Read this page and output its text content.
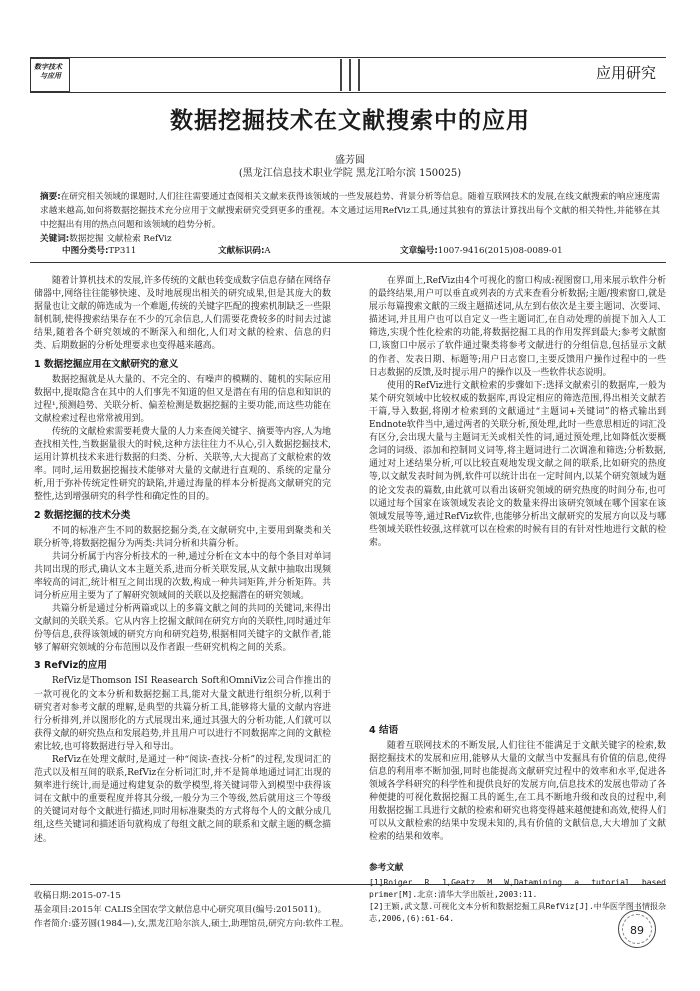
数字技术
与应用	应用研究
数据挖掘技术在文献搜索中的应用
盛芳圆
(黑龙江信息技术职业学院 黑龙江哈尔滨 150025)
摘要:在研究相关领域的课题时,人们往往需要通过查阅相关文献来获得该领域的一些发展趋势、背景分析等信息。随着互联网技术的发展,在线文献搜索的响应速度需求越来越高,如何将数据挖掘技术充分应用于文献搜索研究受到更多的重视。本文通过运用RefViz工具,通过其独有的算法计算找出每个文献的相关特性,并能够在其中挖掘出有用的热点问题和该领域的趋势分析。
关键词:数据挖掘 文献检索 RefViz
中图分类号:TP311	文献标识码:A	文章编号:1007-9416(2015)08-0089-01

随着计算机技术的发展,许多传统的文献也转变成数字信息存储在网络存储器中,网络往往能够快速、及时地展现出相关的研究成果,但是其庞大的数据量也让文献的筛选成为一个难题,传统的关键字匹配的搜索机制缺乏一些限制机制,使得搜索结果存在不少的冗余信息,人们需要花费较多的时间去过滤结果,随着各个研究领域的不断深入和细化,人们对文献的检索、信息的归类、后期数据的分析处理要求也变得越来越高。

1 数据挖掘应用在文献研究的意义

数据挖掘就是从大量的、不完全的、有噪声的模糊的、随机的实际应用数据中,提取隐含在其中的人们事先不知道的但又是潜在有用的信息和知识的过程¹,预测趋势、关联分析、偏差检测是数据挖掘的主要功能,而这些功能在文献检索过程也常常被用到。

传统的文献检索需要耗费大量的人力来查阅关键字、摘要等内容,人为地查找相关性,当数据量很大的时候,这种方法往往力不从心,引入数据挖掘技术,运用计算机技术来进行数据的归类、分析、关联等,大大提高了文献检索的效率。同时,运用数据挖掘技术能够对大量的文献进行直观的、系统的定量分析,用于弥补传统定性研究的缺陷,并通过海量的样本分析提高文献研究的完整性,达到增强研究的科学性和确定性的目的。

2 数据挖掘的技术分类

不同的标准产生不同的数据挖掘分类,在文献研究中,主要用到聚类和关联分析等,将数据挖掘分为两类:共词分析和共篇分析。

共词分析属于内容分析技术的一种,通过分析在文本中的每个条目对单词共同出现的形式,确认文本主题关系,进而分析关联发展,从文献中抽取出现频率较高的词汇,统计相互之间出现的次数,构成一种共词矩阵,并分析矩阵。共词分析应用主要为了了解研究领域间的关联以及挖掘潜在的研究领域。

共篇分析是通过分析两篇或以上的多篇文献之间的共同的关键词,来得出文献间的关联关系。它从内容上挖掘文献间在研究方向的关联性,同时通过年份等信息,获得该领域的研究方向和研究趋势,根据相同关键字的文献作者,能够了解研究领域的分布范围以及作者跟一些研究机构之间的关系。

3 RefViz的应用

RefViz是Thomson ISI Reasearch Soft和OmniViz公司合作推出的一款可视化的文本分析和数据挖掘工具,能对大量文献进行组织分析,以利于研究者对参考文献的理解,是典型的共篇分析工具,能够将大量的文献内容进行分析排列,并以图形化的方式展现出来,通过其强大的分析功能,人们就可以获得文献的研究热点和发展趋势,并且用户可以进行不同数据库之间的文献检索比较,也可将数据进行导入和导出。

RefViz在处理文献时,是通过一种“阅读-查找-分析”的过程,发现词汇的范式以及相互间的联系,RefViz在分析词汇时,并不是简单地通过词汇出现的频率进行统计,而是通过构建复杂的数学模型,将关键词带入到模型中获得该词在文献中的重要程度并将其分级,一般分为三个等级,然后就用这三个等级的关键词对每个文献进行描述,同时用标准聚类的方式将每个人的文献分成几组,这些关键词和描述语句就构成了每组文献之间的联系和文献主题的概念描述。

在界面上,RefViz由4个可视化的窗口构成:视图窗口,用来展示软件分析的最终结果,用户可以垂直或列表的方式来查看分析数据;主题/搜索窗口,就是展示每篇搜索文献的三级主题描述词,从左到右依次是主要主题词、次要词、描述词,并且用户也可以自定义一些主题词汇,在自动处理的前提下加入人工筛选,实现个性化检索的功能,将数据挖掘工具的作用发挥到最大;参考文献窗口,该窗口中展示了软件通过聚类将参考文献进行的分组信息,包括显示文献的作者、发表日期、标题等;用户日志窗口,主要反馈用户操作过程中的一些日志数据的反馈,及时提示用户的操作以及一些软件状态说明。

使用的RefViz进行文献检索的步骤如下:选择文献索引的数据库,一般为某个研究领域中比较权威的数据库,再设定相应的筛选范围,得出相关文献若干篇,导入数据,将刚才检索到的文献通过“主题词+关键词”的格式输出到Endnote软件当中,通过两者的关联分析,预处理,此时一些意思相近的词汇没有区分,会出现大量与主题词无关或相关性的词,通过预处理,比如降低次要概念词的词级、添加和控制同义词等,将主题词进行二次调准和筛选;分析数据,通过对上述结果分析,可以比较直观地发现文献之间的联系,比如研究的热度等,以文献发表时间为例,软件可以统计出在一定时间内,以某个研究领域为题的论文发表的篇数,由此就可以看出该研究领域的研究热度的时间分布,也可以通过每个国家在该领域发表论文的数量来得出该研究领域在哪个国家在该领域发展等等,通过RefViz软件,也能够分析出文献研究的发展方向以及与哪些领域关联性较强,这样就可以在检索的时候有目的有针对性地进行文献的检索。

4 结语

随着互联网技术的不断发展,人们往往不能满足于文献关键字的检索,数据挖掘技术的发展和应用,能够从大量的文献当中发掘具有价值的信息,使得信息的利用率不断加强,同时也能提高文献研究过程中的效率和水平,促进各领域各学科研究的科学性和提供良好的发展方向,信息技术的发展也带动了各种便捷的可视化数据挖掘工具的诞生,在工具不断地升级和改良的过程中,利用数据挖掘工具进行文献的检索和研究也将变得越来越便捷和高效,使得人们可以从文献检索的结果中发现未知的,具有价值的文献信息,大大增加了文献检索的结果和效率。

参考文献

[1]Roiger R J,Geatz M W,Datamining a tutorial based primer[M].北京:清华大学出版社,2003:11.

[2]王颖,武文慧.可视化文本分析和数据挖掘工具RefViz[J].中华医学图书情报杂志,2006,(6):61-64.

收稿日期:2015-07-15
基金项目:2015年 CALIS全国农学文献信息中心研究项目(编号:2015011)。
作者简介:盛芳圆(1984—),女,黑龙江哈尔滨人,硕士,助理馆员,研究方向:软件工程。	89
